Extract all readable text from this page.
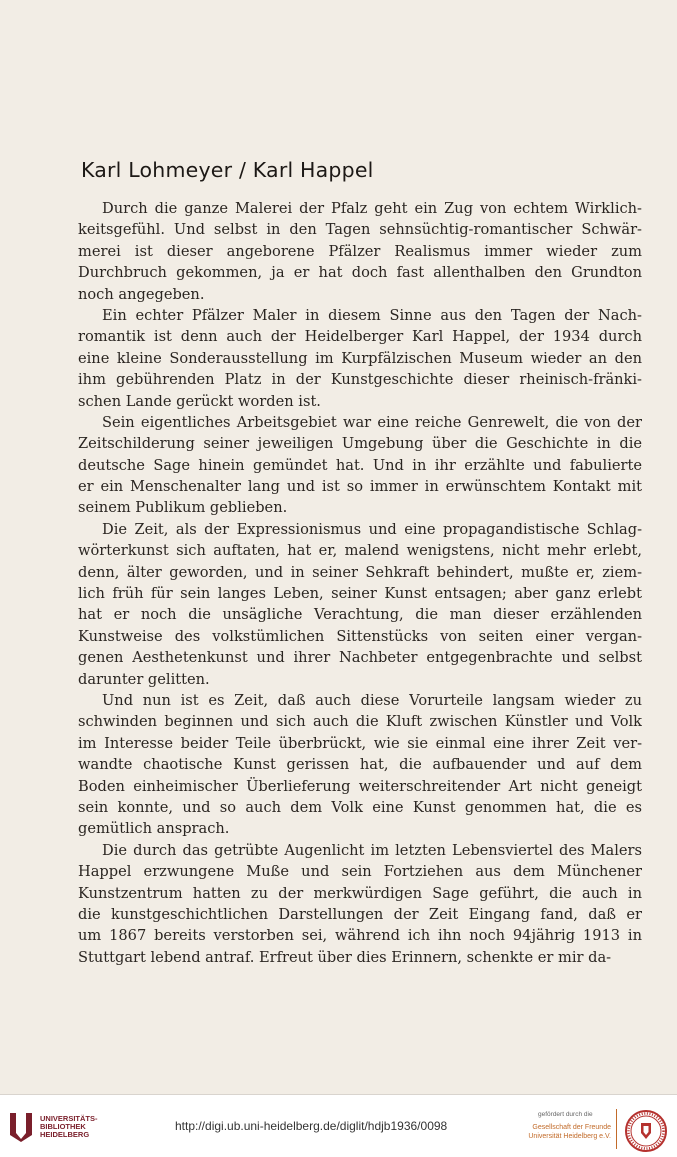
Karl Lohmeyer / Karl Happel
Durch die ganze Malerei der Pfalz geht ein Zug von echtem Wirklich-
keitsgefühl. Und selbst in den Tagen sehnsüchtig-romantischer Schwär-
merei ist dieser angeborene Pfälzer Realismus immer wieder zum
Durchbruch gekommen, ja er hat doch fast allenthalben den Grundton
noch angegeben.
Ein echter Pfälzer Maler in diesem Sinne aus den Tagen der Nach-
romantik ist denn auch der Heidelberger Karl Happel, der 1934 durch
eine kleine Sonderausstellung im Kurpfälzischen Museum wieder an den
ihm gebührenden Platz in der Kunstgeschichte dieser rheinisch-fränki-
schen Lande gerückt worden ist.
Sein eigentliches Arbeitsgebiet war eine reiche Genrewelt, die von der
Zeitschilderung seiner jeweiligen Umgebung über die Geschichte in die
deutsche Sage hinein gemündet hat. Und in ihr erzählte und fabulierte
er ein Menschenalter lang und ist so immer in erwünschtem Kontakt mit
seinem Publikum geblieben.
Die Zeit, als der Expressionismus und eine propagandistische Schlag-
wörterkunst sich auftaten, hat er, malend wenigstens, nicht mehr erlebt,
denn, älter geworden, und in seiner Sehkraft behindert, mußte er, ziem-
lich früh für sein langes Leben, seiner Kunst entsagen; aber ganz erlebt
hat er noch die unsägliche Verachtung, die man dieser erzählenden
Kunstweise des volkstümlichen Sittenstücks von seiten einer vergan-
genen Aesthetenkunst und ihrer Nachbeter entgegenbrachte und selbst
darunter gelitten.
Und nun ist es Zeit, daß auch diese Vorurteile langsam wieder zu
schwinden beginnen und sich auch die Kluft zwischen Künstler und Volk
im Interesse beider Teile überbrückt, wie sie einmal eine ihrer Zeit ver-
wandte chaotische Kunst gerissen hat, die aufbauender und auf dem
Boden einheimischer Überlieferung weiterschreitender Art nicht geneigt
sein konnte, und so auch dem Volk eine Kunst genommen hat, die es
gemütlich ansprach.
Die durch das getrübte Augenlicht im letzten Lebensviertel des Malers
Happel erzwungene Muße und sein Fortziehen aus dem Münchener
Kunstzentrum hatten zu der merkwürdigen Sage geführt, die auch in
die kunstgeschichtlichen Darstellungen der Zeit Eingang fand, daß er
um 1867 bereits verstorben sei, während ich ihn noch 94jährig 1913 in
Stuttgart lebend antraf. Erfreut über dies Erinnern, schenkte er mir da-
UNIVERSITÄTS-
BIBLIOTHEK
HEIDELBERG
http://digi.ub.uni-heidelberg.de/diglit/hdjb1936/0098
gefördert durch die
Gesellschaft der Freunde
Universität Heidelberg e.V.
